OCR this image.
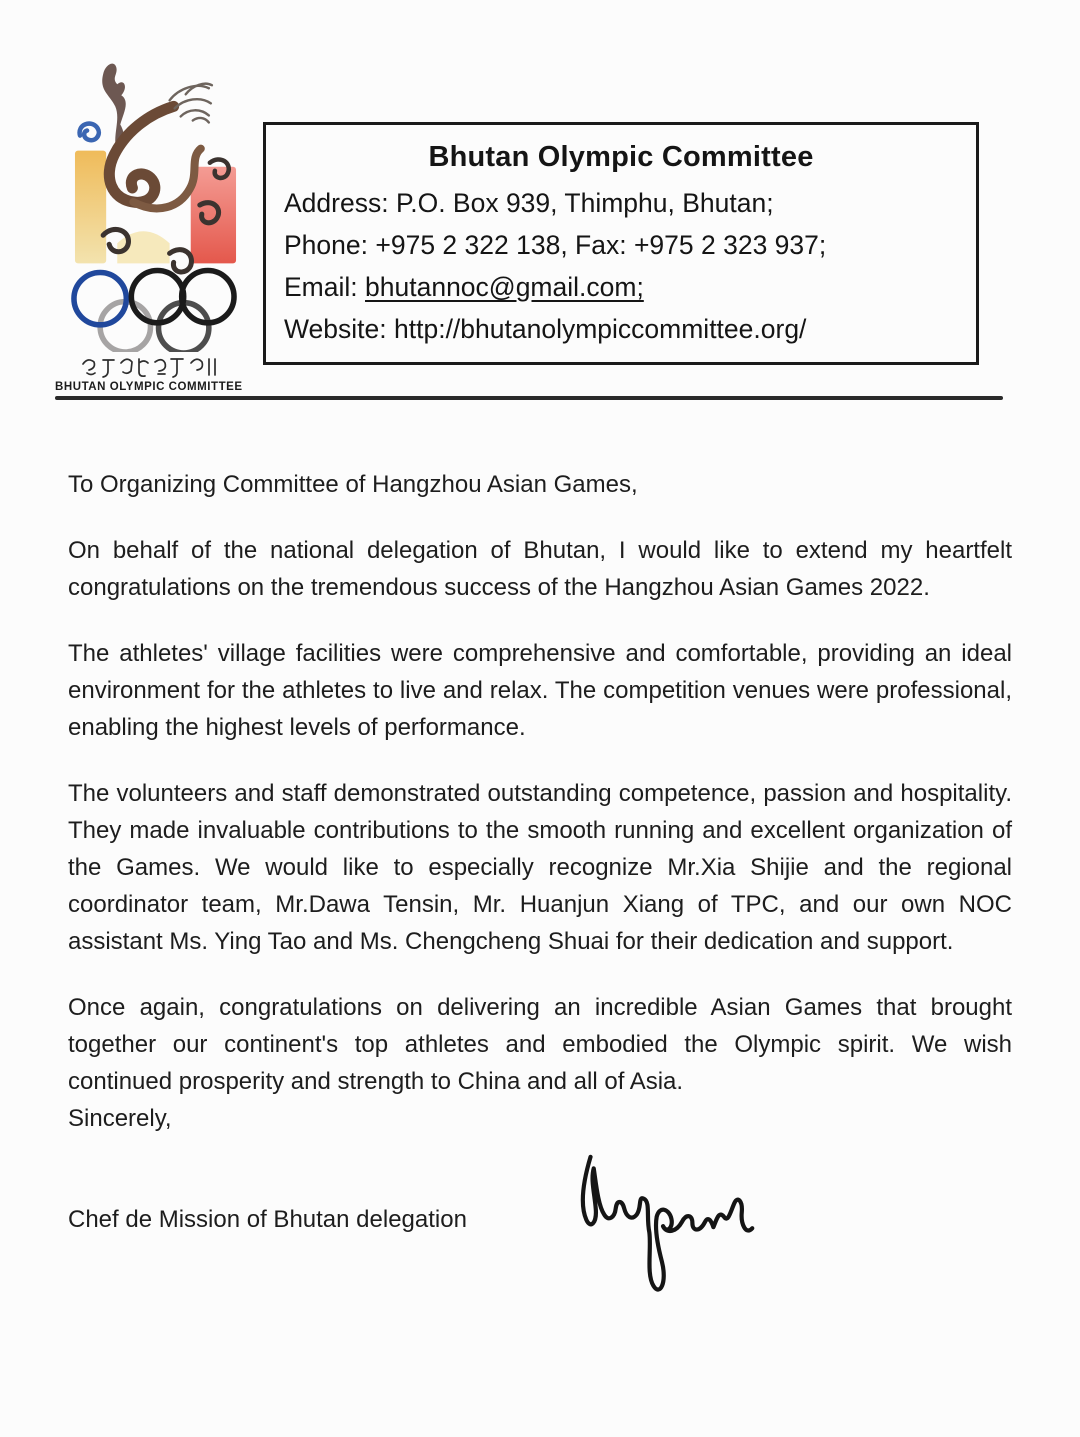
BHUTAN OLYMPIC COMMITTEE
Bhutan Olympic Committee
Address: P.O. Box 939, Thimphu, Bhutan;
Phone: +975 2 322 138, Fax: +975 2 323 937;
Email: bhutannoc@gmail.com;
Website: http://bhutanolympiccommittee.org/

To Organizing Committee of Hangzhou Asian Games,

On behalf of the national delegation of Bhutan, I would like to extend my heartfelt congratulations on the tremendous success of the Hangzhou Asian Games 2022.

The athletes' village facilities were comprehensive and comfortable, providing an ideal environment for the athletes to live and relax. The competition venues were professional, enabling the highest levels of performance.

The volunteers and staff demonstrated outstanding competence, passion and hospitality. They made invaluable contributions to the smooth running and excellent organization of the Games. We would like to especially recognize Mr.Xia Shijie and the regional coordinator team, Mr.Dawa Tensin, Mr. Huanjun Xiang of TPC, and our own NOC assistant Ms. Ying Tao and Ms. Chengcheng Shuai for their dedication and support.

Once again, congratulations on delivering an incredible Asian Games that brought together our continent's top athletes and embodied the Olympic spirit. We wish continued prosperity and strength to China and all of Asia.

Sincerely,

Chef de Mission of Bhutan delegation
